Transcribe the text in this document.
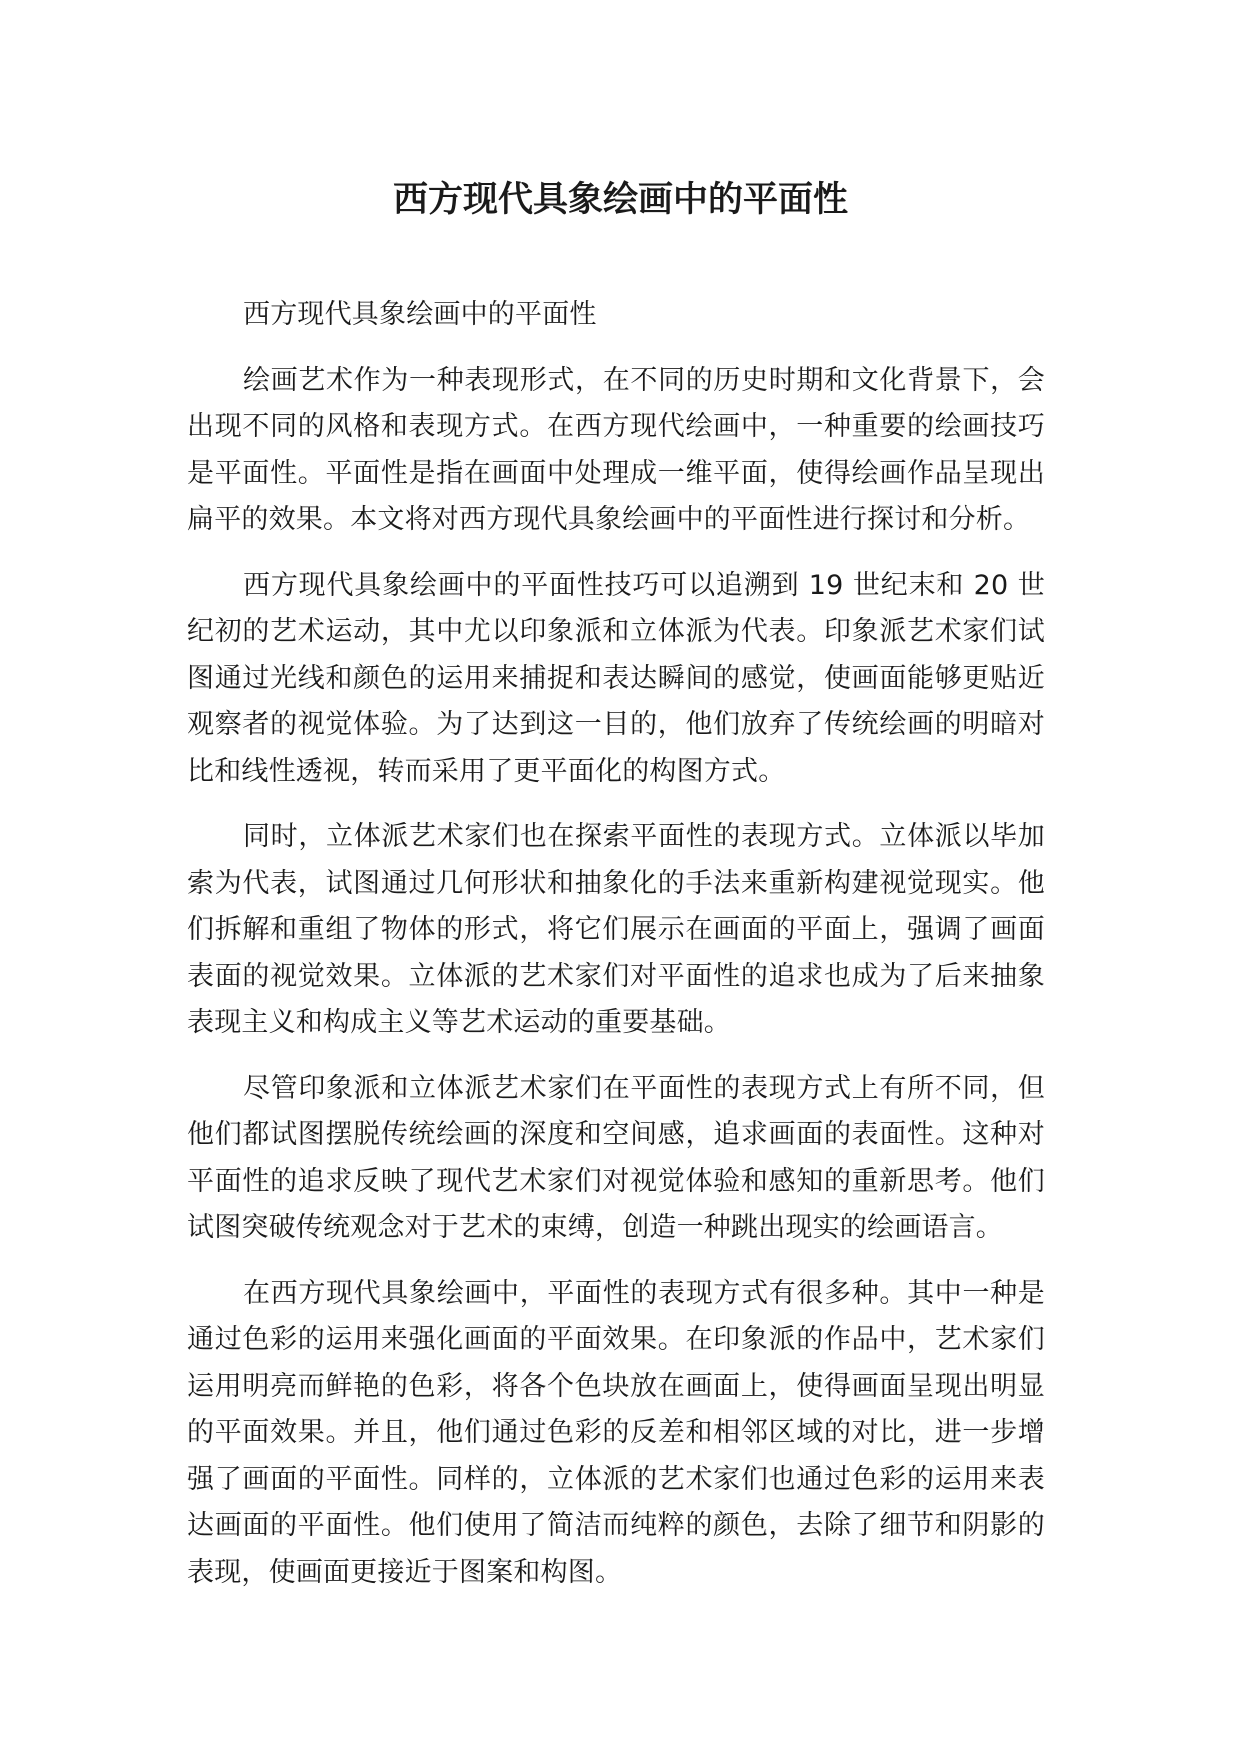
西方现代具象绘画中的平面性

西方现代具象绘画中的平面性

绘画艺术作为一种表现形式，在不同的历史时期和文化背景下，会出现不同的风格和表现方式。在西方现代绘画中，一种重要的绘画技巧是平面性。平面性是指在画面中处理成一维平面，使得绘画作品呈现出扁平的效果。本文将对西方现代具象绘画中的平面性进行探讨和分析。

西方现代具象绘画中的平面性技巧可以追溯到 19 世纪末和 20 世纪初的艺术运动，其中尤以印象派和立体派为代表。印象派艺术家们试图通过光线和颜色的运用来捕捉和表达瞬间的感觉，使画面能够更贴近观察者的视觉体验。为了达到这一目的，他们放弃了传统绘画的明暗对比和线性透视，转而采用了更平面化的构图方式。

同时，立体派艺术家们也在探索平面性的表现方式。立体派以毕加索为代表，试图通过几何形状和抽象化的手法来重新构建视觉现实。他们拆解和重组了物体的形式，将它们展示在画面的平面上，强调了画面表面的视觉效果。立体派的艺术家们对平面性的追求也成为了后来抽象表现主义和构成主义等艺术运动的重要基础。

尽管印象派和立体派艺术家们在平面性的表现方式上有所不同，但他们都试图摆脱传统绘画的深度和空间感，追求画面的表面性。这种对平面性的追求反映了现代艺术家们对视觉体验和感知的重新思考。他们试图突破传统观念对于艺术的束缚，创造一种跳出现实的绘画语言。

在西方现代具象绘画中，平面性的表现方式有很多种。其中一种是通过色彩的运用来强化画面的平面效果。在印象派的作品中，艺术家们运用明亮而鲜艳的色彩，将各个色块放在画面上，使得画面呈现出明显的平面效果。并且，他们通过色彩的反差和相邻区域的对比，进一步增强了画面的平面性。同样的，立体派的艺术家们也通过色彩的运用来表达画面的平面性。他们使用了简洁而纯粹的颜色，去除了细节和阴影的表现，使画面更接近于图案和构图。
